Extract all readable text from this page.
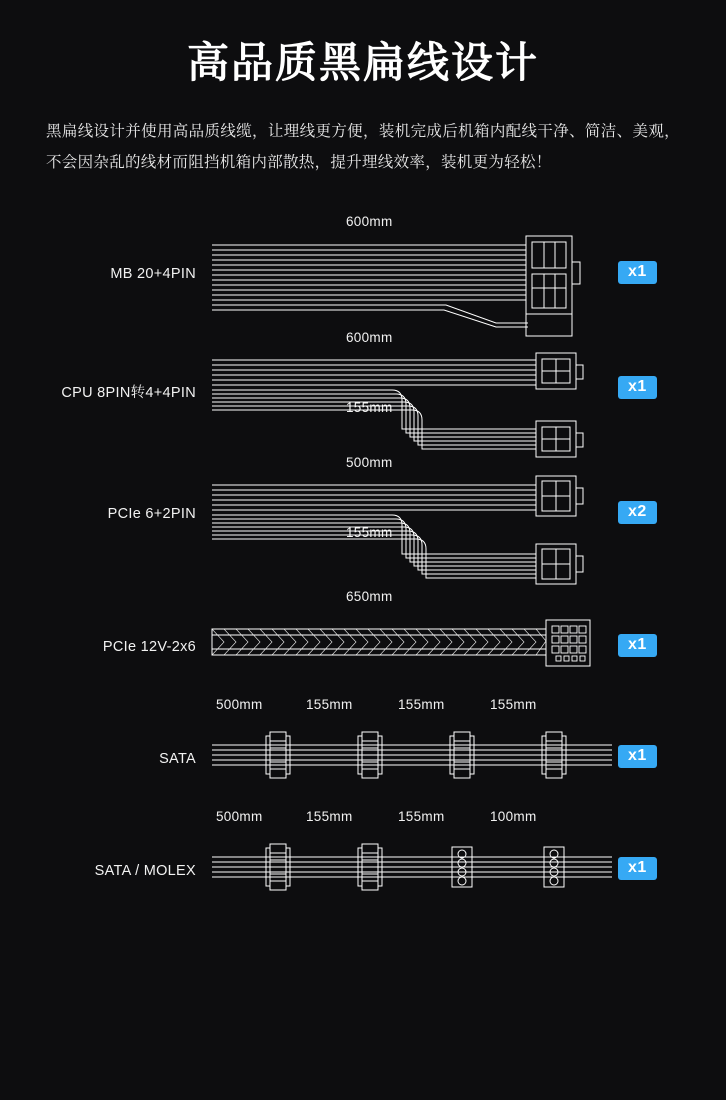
高品质黑扁线设计
黑扁线设计并使用高品质线缆，让理线更方便，装机完成后机箱内配线干净、简洁、美观，不会因杂乱的线材而阻挡机箱内部散热，提升理线效率，装机更为轻松！
MB 20+4PIN
600mm
x1
CPU 8PIN转4+4PIN
600mm
155mm
x1
PCIe 6+2PIN
500mm
155mm
x2
PCIe 12V-2x6
650mm
x1
SATA
500mm	155mm	155mm	155mm
x1
SATA / MOLEX
500mm	155mm	155mm	100mm
x1
